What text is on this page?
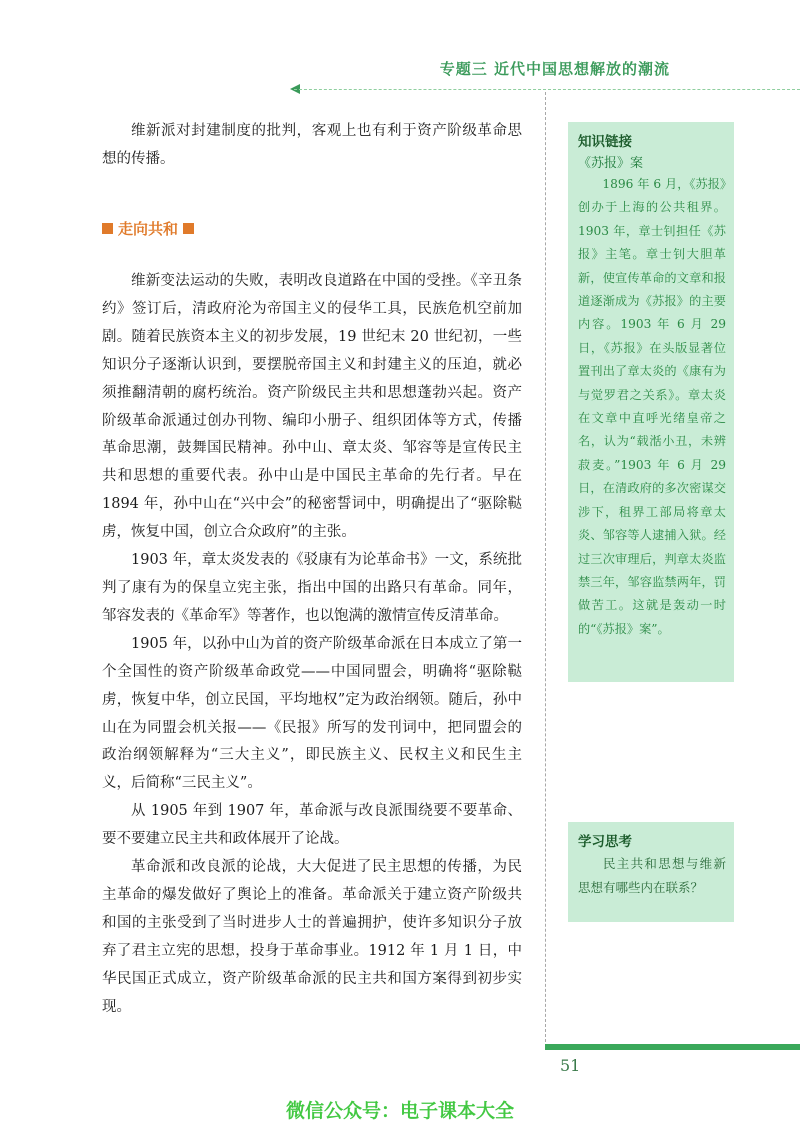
专题三 近代中国思想解放的潮流

维新派对封建制度的批判，客观上也有利于资产阶级革命思想的传播。

走向共和

维新变法运动的失败，表明改良道路在中国的受挫。《辛丑条约》签订后，清政府沦为帝国主义的侵华工具，民族危机空前加剧。随着民族资本主义的初步发展，19 世纪末 20 世纪初，一些知识分子逐渐认识到，要摆脱帝国主义和封建主义的压迫，就必须推翻清朝的腐朽统治。资产阶级民主共和思想蓬勃兴起。资产阶级革命派通过创办刊物、编印小册子、组织团体等方式，传播革命思潮，鼓舞国民精神。孙中山、章太炎、邹容等是宣传民主共和思想的重要代表。孙中山是中国民主革命的先行者。早在 1894 年，孙中山在“兴中会”的秘密誓词中，明确提出了“驱除鞑虏，恢复中国，创立合众政府”的主张。

1903 年，章太炎发表的《驳康有为论革命书》一文，系统批判了康有为的保皇立宪主张，指出中国的出路只有革命。同年，邹容发表的《革命军》等著作，也以饱满的激情宣传反清革命。

1905 年，以孙中山为首的资产阶级革命派在日本成立了第一个全国性的资产阶级革命政党——中国同盟会，明确将“驱除鞑虏，恢复中华，创立民国，平均地权”定为政治纲领。随后，孙中山在为同盟会机关报——《民报》所写的发刊词中，把同盟会的政治纲领解释为“三大主义”，即民族主义、民权主义和民生主义，后简称“三民主义”。

从 1905 年到 1907 年，革命派与改良派围绕要不要革命、要不要建立民主共和政体展开了论战。

革命派和改良派的论战，大大促进了民主思想的传播，为民主革命的爆发做好了舆论上的准备。革命派关于建立资产阶级共和国的主张受到了当时进步人士的普遍拥护，使许多知识分子放弃了君主立宪的思想，投身于革命事业。1912 年 1 月 1 日，中华民国正式成立，资产阶级革命派的民主共和国方案得到初步实现。

知识链接
《苏报》案

1896 年 6 月，《苏报》创办于上海的公共租界。1903 年，章士钊担任《苏报》主笔。章士钊大胆革新，使宣传革命的文章和报道逐渐成为《苏报》的主要内容。1903 年 6 月 29 日，《苏报》在头版显著位置刊出了章太炎的《康有为与觉罗君之关系》。章太炎在文章中直呼光绪皇帝之名，认为“载湉小丑，未辨菽麦。”1903 年 6 月 29 日，在清政府的多次密谋交涉下，租界工部局将章太炎、邹容等人逮捕入狱。经过三次审理后，判章太炎监禁三年，邹容监禁两年，罚做苦工。这就是轰动一时的“《苏报》案”。

学习思考

民主共和思想与维新思想有哪些内在联系？

51
微信公众号：电子课本大全
